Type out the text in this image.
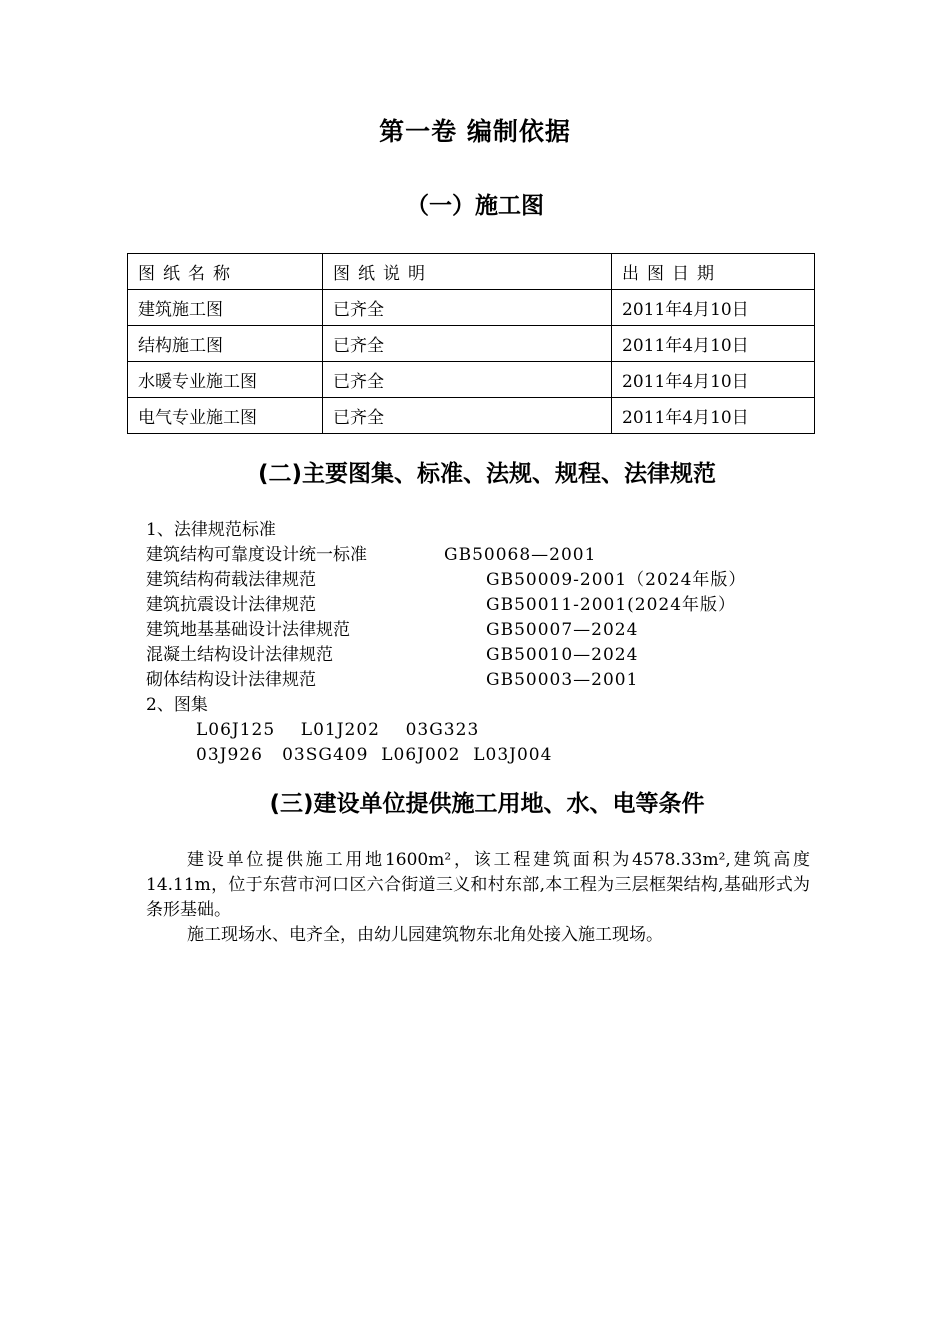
第一卷 编制依据
（一）施工图
图纸名称	图纸说明	出图日期
建筑施工图	已齐全	2011年4月10日
结构施工图	已齐全	2011年4月10日
水暖专业施工图	已齐全	2011年4月10日
电气专业施工图	已齐全	2011年4月10日
(二)主要图集、标准、法规、规程、法律规范
1、法律规范标准
建筑结构可靠度设计统一标准	GB50068—2001
建筑结构荷载法律规范	GB50009-2001（2024年版）
建筑抗震设计法律规范	GB50011-2001(2024年版）
建筑地基基础设计法律规范	GB50007—2024
混凝土结构设计法律规范	GB50010—2024
砌体结构设计法律规范	GB50003—2001
2、图集
L06J125    L01J202    03G323
03J926   03SG409  L06J002  L03J004
(三)建设单位提供施工用地、水、电等条件

建设单位提供施工用地1600m²，该工程建筑面积为4578.33m²,建筑高度14.11m，位于东营市河口区六合街道三义和村东部,本工程为三层框架结构,基础形式为条形基础。

施工现场水、电齐全，由幼儿园建筑物东北角处接入施工现场。
